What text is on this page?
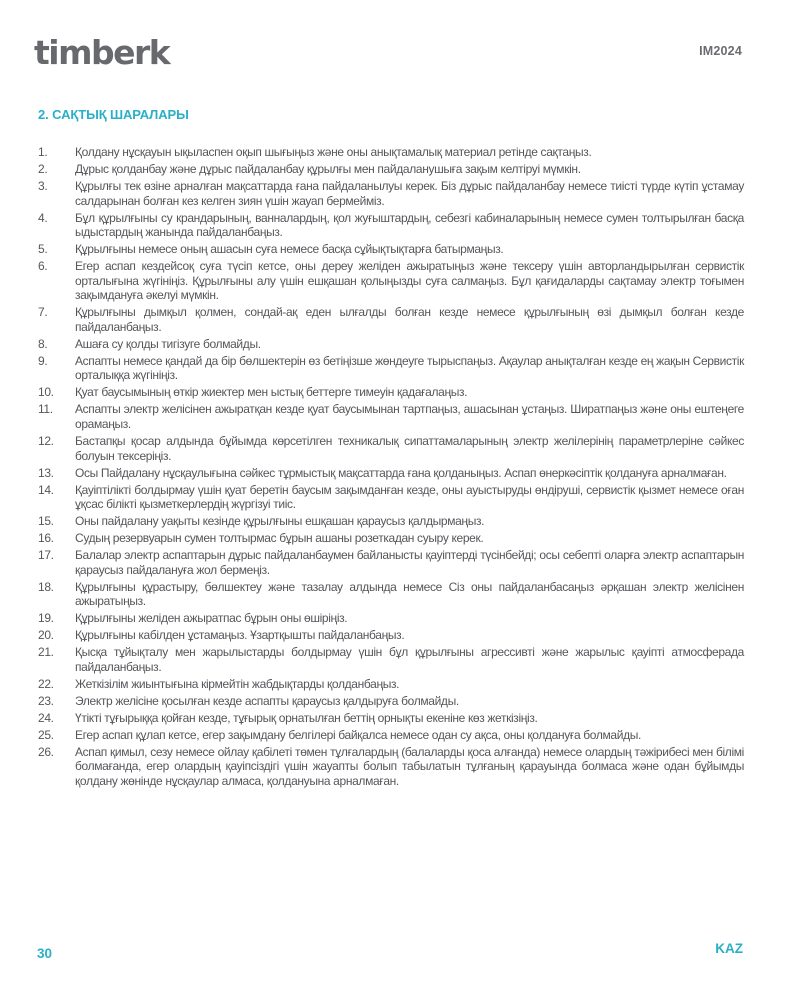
timberk	IM2024
2. САҚТЫҚ ШАРАЛАРЫ
1. Қолдану нұсқауын ықыласпен оқып шығыңыз және оны анықтамалық материал ретінде сақтаңыз.
2. Дұрыс қолданбау және дұрыс пайдаланбау құрылғы мен пайдаланушыға зақым келтіруі мүмкін.
3. Құрылғы тек өзіне арналған мақсаттарда ғана пайдаланылуы керек. Біз дұрыс пайдаланбау немесе тиісті түрде күтіп ұстамау салдарынан болған кез келген зиян үшін жауап бермейміз.
4. Бұл құрылғыны су крандарының, ванналардың, қол жуғыштардың, себезгі кабиналарының немесе сумен толтырылған басқа ыдыстардың жанында пайдаланбаңыз.
5. Құрылғыны немесе оның ашасын суға немесе басқа сұйықтықтарға батырмаңыз.
6. Егер аспап кездейсоқ суға түсіп кетсе, оны дереу желіден ажыратыңыз және тексеру үшін авторландырылған сервистік орталығына жүгініңіз. Құрылғыны алу үшін ешқашан қолыңызды суға салмаңыз. Бұл қағидаларды сақтамау электр тоғымен зақымдануға әкелуі мүмкін.
7. Құрылғыны дымқыл қолмен, сондай-ақ еден ылғалды болған кезде немесе құрылғының өзі дымқыл болған кезде пайдаланбаңыз.
8. Ашаға су қолды тигізуге болмайды.
9. Аспапты немесе қандай да бір бөлшектерін өз бетіңізше жөндеуге тырыспаңыз. Ақаулар анықталған кезде ең жақын Сервистік орталыққа жүгініңіз.
10. Қуат баусымының өткір жиектер мен ыстық беттерге тимеуін қадағалаңыз.
11. Аспапты электр желісінен ажыратқан кезде қуат баусымынан тартпаңыз, ашасынан ұстаңыз. Ширатпаңыз және оны ештеңеге орамаңыз.
12. Бастапқы қосар алдында бұйымда көрсетілген техникалық сипаттамаларының электр желілерінің параметрлеріне сәйкес болуын тексеріңіз.
13. Осы Пайдалану нұсқаулығына сәйкес тұрмыстық мақсаттарда ғана қолданыңыз. Аспап өнеркәсіптік қолдануға арналмаған.
14. Қауіптілікті болдырмау үшін қуат беретін баусым зақымданған кезде, оны ауыстыруды өндіруші, сервистік қызмет немесе оған ұқсас білікті қызметкерлердің жүргізуі тиіс.
15. Оны пайдалану уақыты кезінде құрылғыны ешқашан қараусыз қалдырмаңыз.
16. Судың резервуарын сумен толтырмас бұрын ашаны розеткадан суыру керек.
17. Балалар электр аспаптарын дұрыс пайдаланбаумен байланысты қауіптерді түсінбейді; осы себепті оларға электр аспаптарын қараусыз пайдалануға жол бермеңіз.
18. Құрылғыны құрастыру, бөлшектеу және тазалау алдында немесе Сіз оны пайдаланбасаңыз әрқашан электр желісінен ажыратыңыз.
19. Құрылғыны желіден ажыратпас бұрын оны өшіріңіз.
20. Құрылғыны кабілден ұстамаңыз. Ұзартқышты пайдаланбаңыз.
21. Қысқа тұйықталу мен жарылыстарды болдырмау үшін бұл құрылғыны агрессивті және жарылыс қауіпті атмосферада пайдаланбаңыз.
22. Жеткізілім жиынтығына кірмейтін жабдықтарды қолданбаңыз.
23. Электр желісіне қосылған кезде аспапты қараусыз қалдыруға болмайды.
24. Үтікті тұғырыққа қойған кезде, тұғырық орнатылған беттің орнықты екеніне көз жеткізіңіз.
25. Егер аспап құлап кетсе, егер зақымдану белгілері байқалса немесе одан су ақса, оны қолдануға болмайды.
26. Аспап қимыл, сезу немесе ойлау қабілеті төмен тұлғалардың (балаларды қоса алғанда) немесе олардың тәжірибесі мен білімі болмағанда, егер олардың қауіпсіздігі үшін жауапты болып табылатын тұлғаның қарауында болмаса және одан бұйымды қолдану жөнінде нұсқаулар алмаса, қолдануына арналмаған.
30	KAZ
